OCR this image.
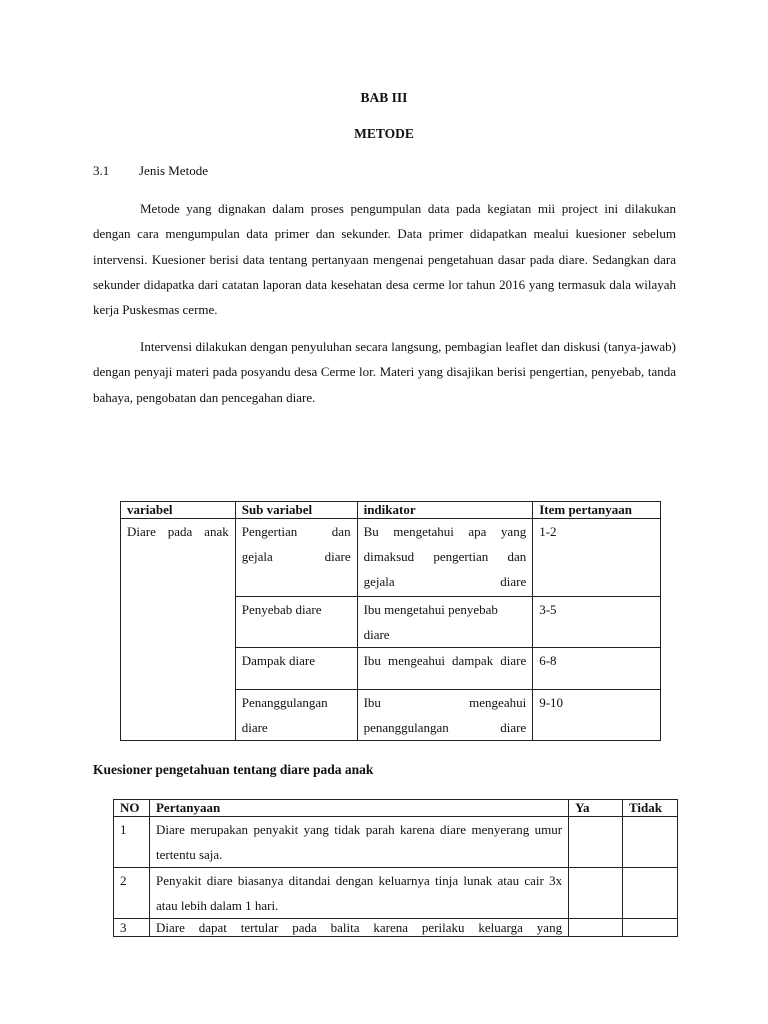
BAB III
METODE
3.1 Jenis Metode

Metode yang dignakan dalam proses pengumpulan data pada kegiatan mii project ini dilakukan dengan cara mengumpulan data primer dan sekunder. Data primer didapatkan mealui kuesioner sebelum intervensi. Kuesioner berisi data tentang pertanyaan mengenai pengetahuan dasar pada diare. Sedangkan dara sekunder didapatka dari catatan laporan data kesehatan desa cerme lor tahun 2016 yang termasuk dala wilayah kerja Puskesmas cerme.

Intervensi dilakukan dengan penyuluhan secara langsung, pembagian leaflet dan diskusi (tanya-jawab) dengan penyaji materi pada posyandu desa Cerme lor. Materi yang disajikan berisi pengertian, penyebab, tanda bahaya, pengobatan dan pencegahan diare.

variabel	Sub variabel	indikator	Item pertanyaan
Diare pada anak	Pengertian dan gejala diare	Bu mengetahui apa yang dimaksud pengertian dan gejala diare	1-2
	Penyebab diare	Ibu mengetahui penyebab diare	3-5
	Dampak diare	Ibu mengeahui dampak diare	6-8
	Penanggulangan diare	Ibu mengeahui penanggulangan diare	9-10
Kuesioner pengetahuan tentang diare pada anak
NO	Pertanyaan	Ya	Tidak
1	Diare merupakan penyakit yang tidak parah karena diare menyerang umur tertentu saja.		
2	Penyakit diare biasanya ditandai dengan keluarnya tinja lunak atau cair 3x atau lebih dalam 1 hari.		
3	Diare dapat tertular pada balita karena perilaku keluarga yang		
